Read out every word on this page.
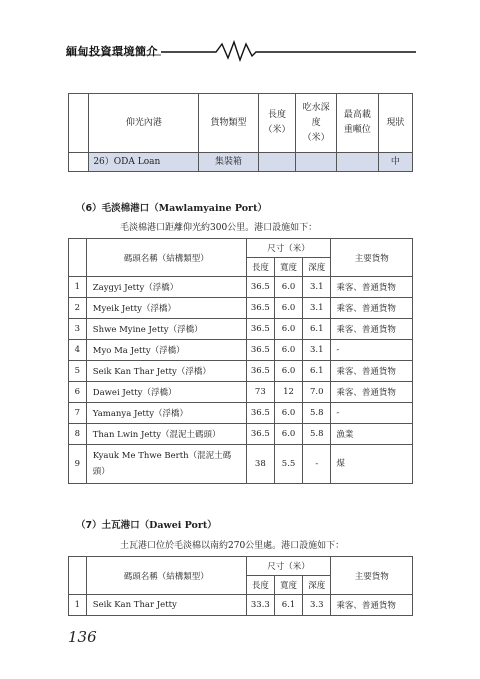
緬甸投資環境簡介
	仰光內港	貨物類型	長度
（米）	吃水深
度
（米）	最高載
重噸位	現狀
	26）ODA Loan	集裝箱				中
（6）毛淡棉港口（Mawlamyaine Port）
毛淡棉港口距離仰光約300公里。港口設施如下：
	碼頭名稱（結構類型）	尺寸（米）			主要貨物
		長度	寬度	深度	
1	Zaygyi Jetty（浮橋）	36.5	6.0	3.1	乘客、普通貨物
2	Myeik Jetty（浮橋）	36.5	6.0	3.1	乘客、普通貨物
3	Shwe Myine Jetty（浮橋）	36.5	6.0	6.1	乘客、普通貨物
4	Myo Ma Jetty（浮橋）	36.5	6.0	3.1	-
5	Seik Kan Thar Jetty（浮橋）	36.5	6.0	6.1	乘客、普通貨物
6	Dawei Jetty（浮橋）	73	12	7.0	乘客、普通貨物
7	Yamanya Jetty（浮橋）	36.5	6.0	5.8	-
8	Than Lwin Jetty（混泥土碼頭）	36.5	6.0	5.8	漁業
9	Kyauk Me Thwe Berth（混泥土碼
頭）	38	5.5	-	煤
（7）土瓦港口（Dawei Port）
土瓦港口位於毛淡棉以南約270公里處。港口設施如下：
	碼頭名稱（結構類型）	尺寸（米）			主要貨物
		長度	寬度	深度	
1	Seik Kan Thar Jetty	33.3	6.1	3.3	乘客、普通貨物
136
